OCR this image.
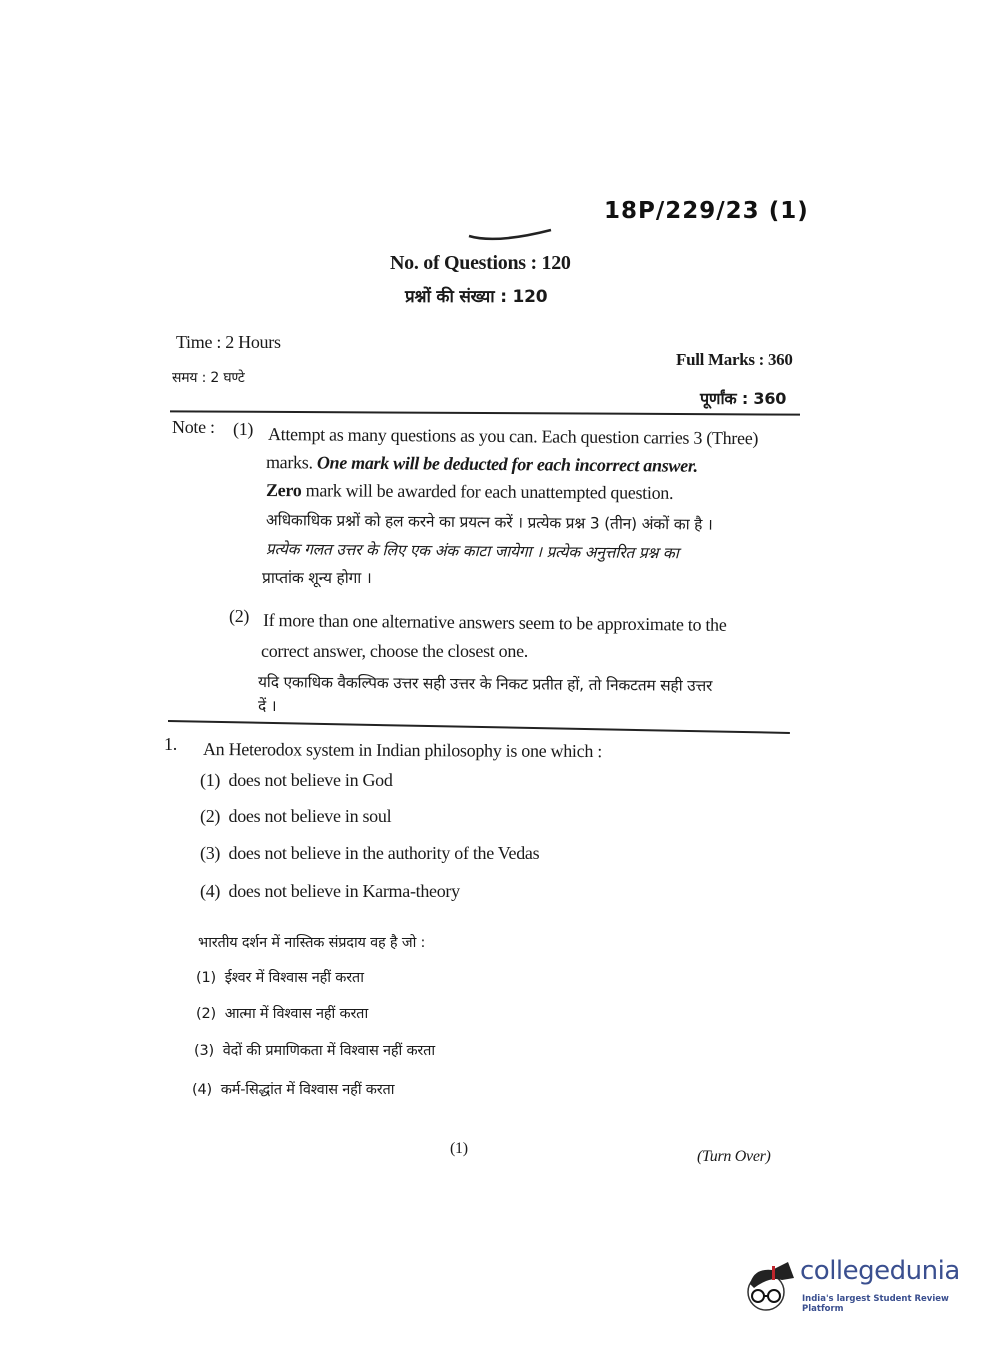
18P/229/23 (1)
No. of Questions : 120
प्रश्नों की संख्या : 120
Time : 2 Hours
समय : 2 घण्टे
Full Marks : 360
पूर्णांक : 360
Note : (1) Attempt as many questions as you can. Each question carries 3 (Three)
marks. One mark will be deducted for each incorrect answer.
Zero mark will be awarded for each unattempted question.
अधिकाधिक प्रश्नों को हल करने का प्रयत्न करें । प्रत्येक प्रश्न 3 (तीन) अंकों का है ।
प्रत्येक गलत उत्तर के लिए एक अंक काटा जायेगा । प्रत्येक अनुत्तरित प्रश्न का
प्राप्तांक शून्य होगा ।
(2) If more than one alternative answers seem to be approximate to the
correct answer, choose the closest one.
यदि एकाधिक वैकल्पिक उत्तर सही उत्तर के निकट प्रतीत हों, तो निकटतम सही उत्तर
दें ।
1. An Heterodox system in Indian philosophy is one which :
(1) does not believe in God
(2) does not believe in soul
(3) does not believe in the authority of the Vedas
(4) does not believe in Karma-theory
भारतीय दर्शन में नास्तिक संप्रदाय वह है जो :
(1) ईश्वर में विश्वास नहीं करता
(2) आत्मा में विश्वास नहीं करता
(3) वेदों की प्रमाणिकता में विश्वास नहीं करता
(4) कर्म-सिद्धांत में विश्वास नहीं करता
(1)	(Turn Over)
collegedunia
India's largest Student Review Platform
